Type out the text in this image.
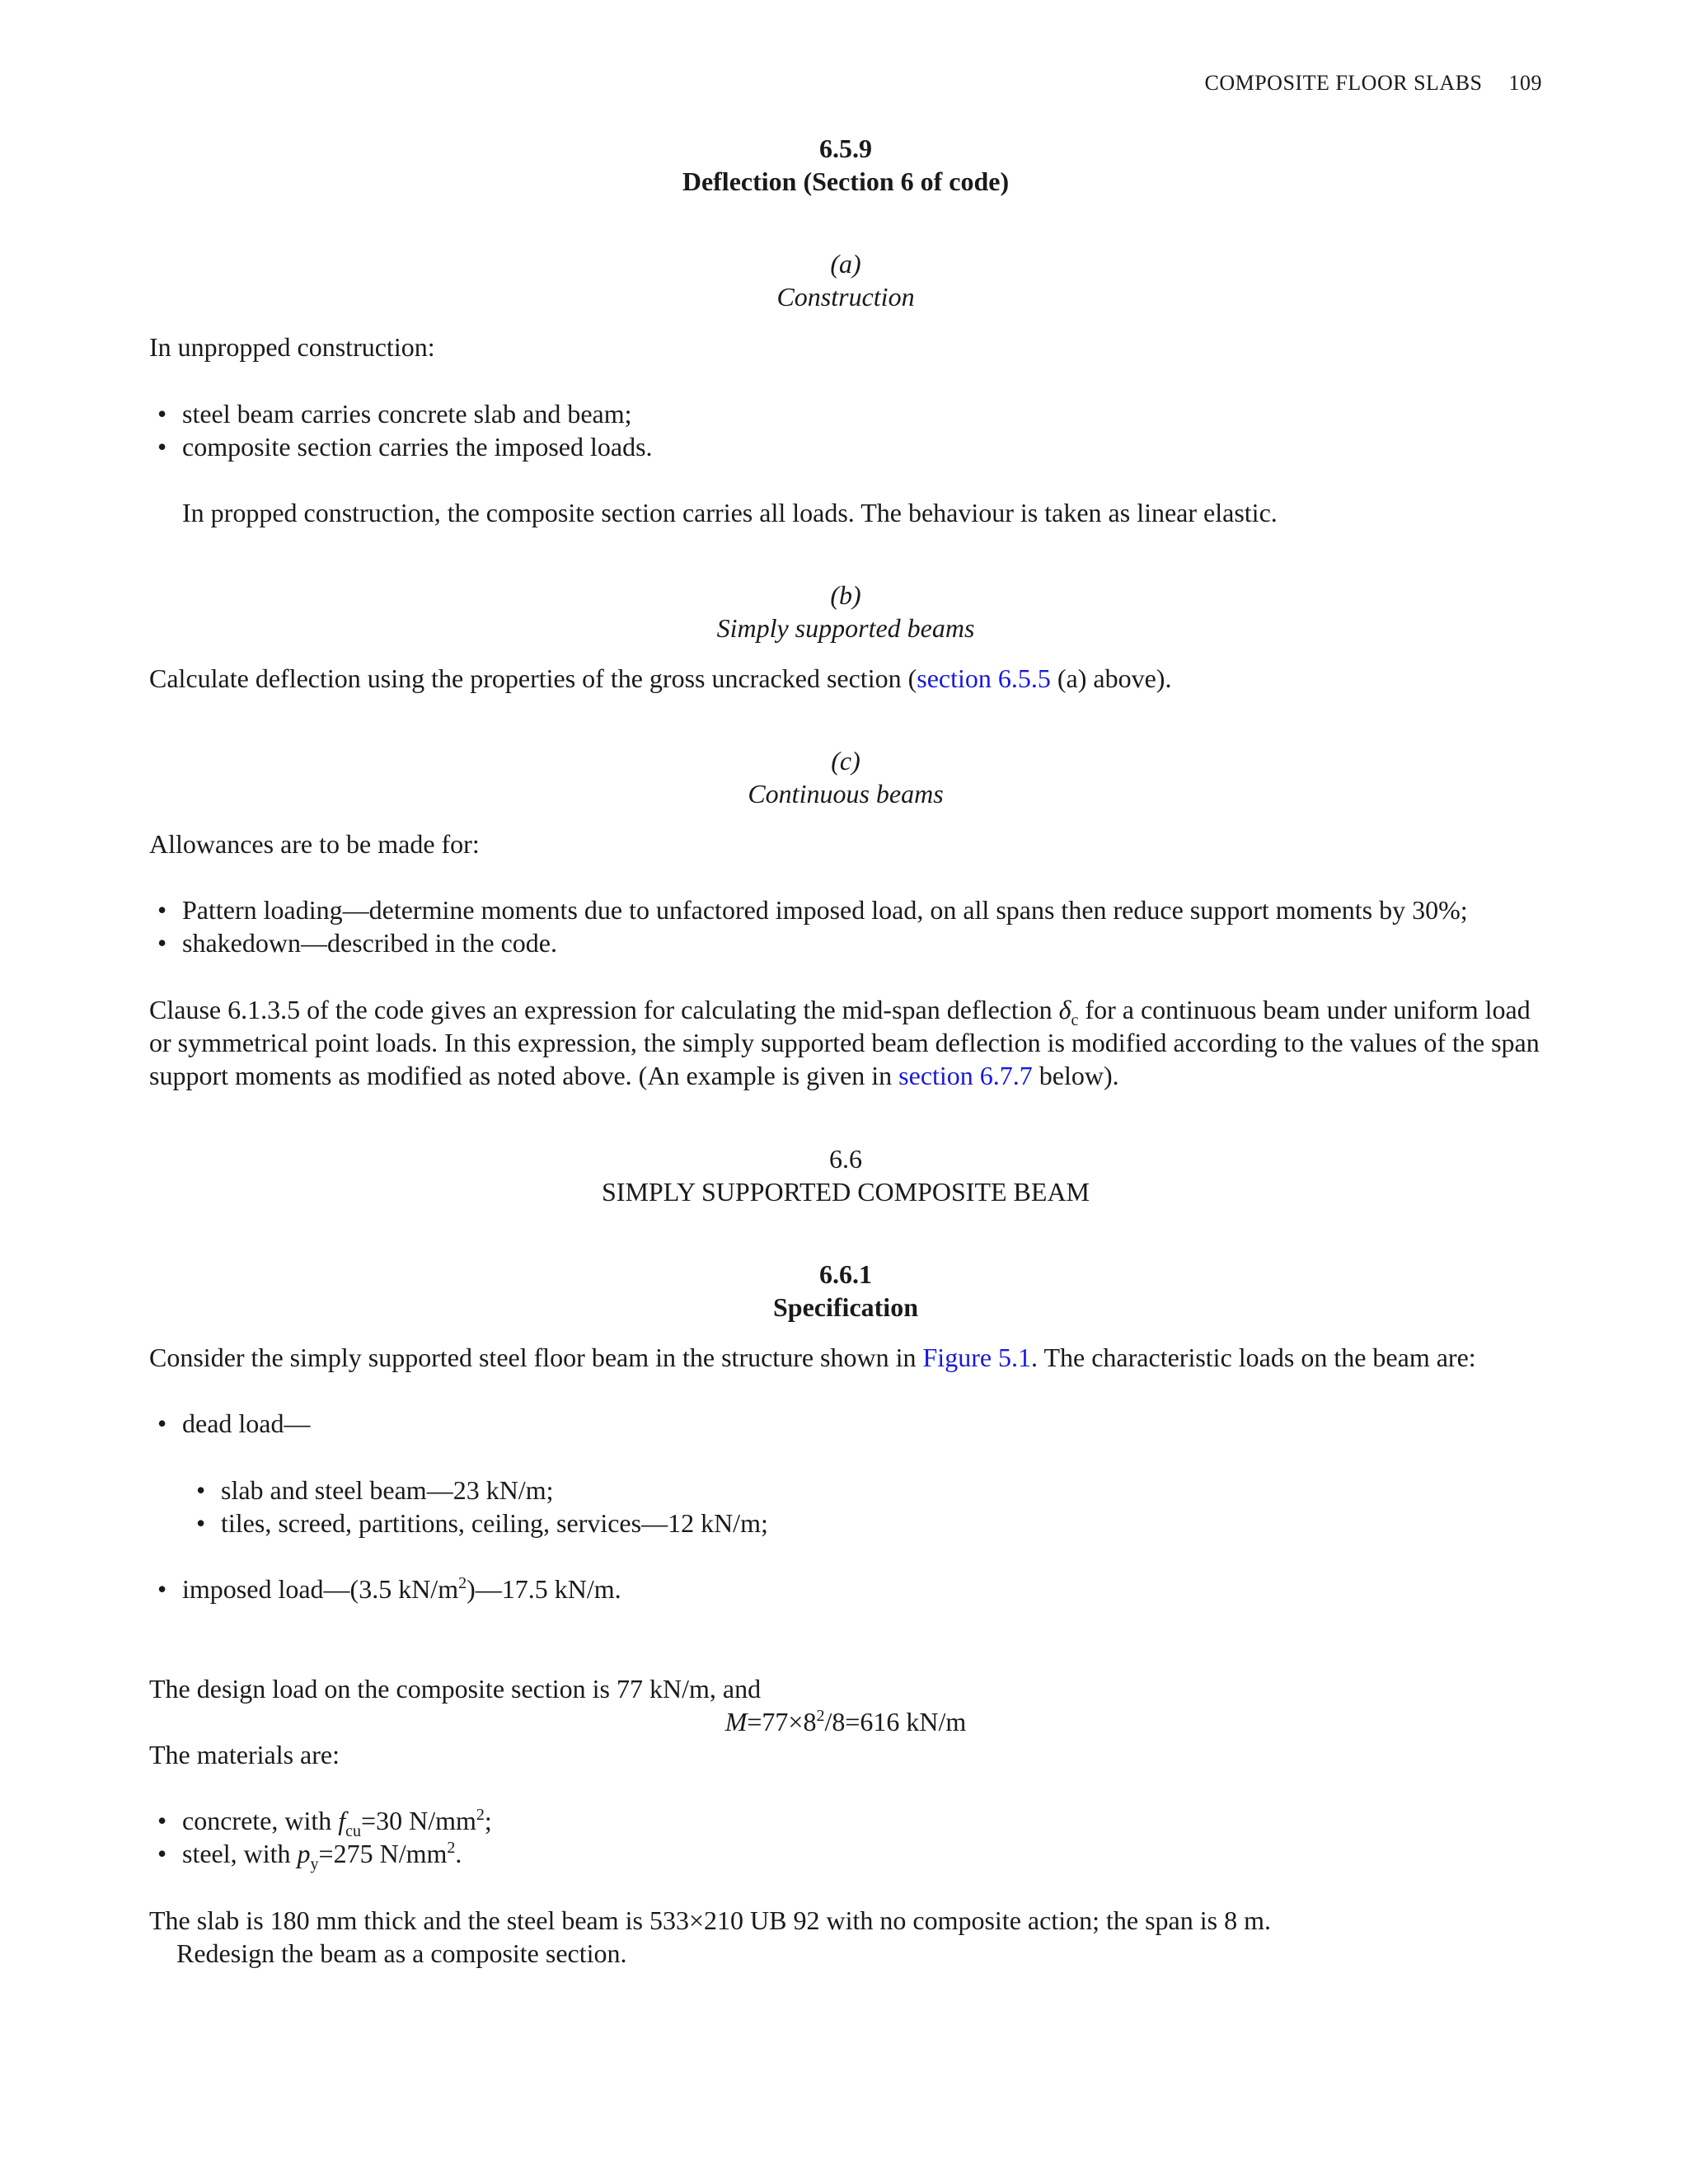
COMPOSITE FLOOR SLABS 109
6.5.9
Deflection (Section 6 of code)
(a)
Construction

In unpropped construction:

• steel beam carries concrete slab and beam;
• composite section carries the imposed loads.

In propped construction, the composite section carries all loads. The behaviour is taken as linear elastic.

(b)
Simply supported beams

Calculate deflection using the properties of the gross uncracked section (section 6.5.5 (a) above).

(c)
Continuous beams

Allowances are to be made for:

• Pattern loading—determine moments due to unfactored imposed load, on all spans then reduce support moments by 30%;
• shakedown—described in the code.

Clause 6.1.3.5 of the code gives an expression for calculating the mid-span deflection $\delta_c$ for a continuous beam under uniform load or symmetrical point loads. In this expression, the simply supported beam deflection is modified according to the values of the span support moments as modified as noted above. (An example is given in section 6.7.7 below).

6.6
SIMPLY SUPPORTED COMPOSITE BEAM
6.6.1
Specification

Consider the simply supported steel floor beam in the structure shown in Figure 5.1. The characteristic loads on the beam are:

• dead load—
• slab and steel beam—23 kN/m;
• tiles, screed, partitions, ceiling, services—12 kN/m;
• imposed load—(3.5 $kN/m^2)—17.5$ kN/m.

The design load on the composite section is 77 kN/m, and

$M=77\times 8^2/8=616$ kN/m

The materials are:

• concrete, with $f_{cu}=30$ $N/mm^2$;
• steel, with $p_y=275$ $N/mm^2$.

The slab is 180 mm thick and the steel beam is 533×210 UB 92 with no composite action; the span is 8 m.

Redesign the beam as a composite section.
